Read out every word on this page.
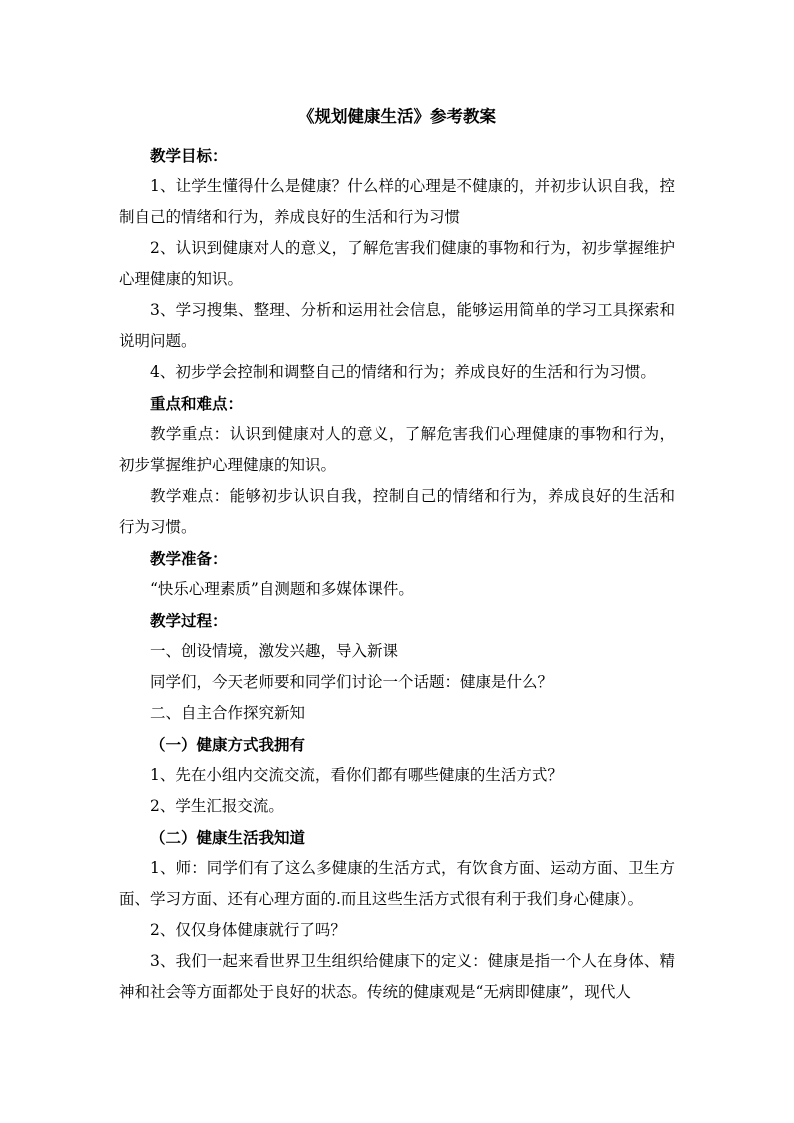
《规划健康生活》参考教案

教学目标：

1、让学生懂得什么是健康？什么样的心理是不健康的，并初步认识自我，控制自己的情绪和行为，养成良好的生活和行为习惯

2、认识到健康对人的意义，了解危害我们健康的事物和行为，初步掌握维护心理健康的知识。

3、学习搜集、整理、分析和运用社会信息，能够运用简单的学习工具探索和说明问题。

4、初步学会控制和调整自己的情绪和行为；养成良好的生活和行为习惯。

重点和难点：

教学重点：认识到健康对人的意义，了解危害我们心理健康的事物和行为，初步掌握维护心理健康的知识。

教学难点：能够初步认识自我，控制自己的情绪和行为，养成良好的生活和行为习惯。

教学准备：

“快乐心理素质”自测题和多媒体课件。

教学过程：

一、创设情境，激发兴趣，导入新课

同学们，今天老师要和同学们讨论一个话题：健康是什么？

二、自主合作探究新知

（一）健康方式我拥有

1、先在小组内交流交流，看你们都有哪些健康的生活方式？

2、学生汇报交流。

（二）健康生活我知道

1、师：同学们有了这么多健康的生活方式，有饮食方面、运动方面、卫生方面、学习方面、还有心理方面的.而且这些生活方式很有利于我们身心健康）。

2、仅仅身体健康就行了吗？

3、我们一起来看世界卫生组织给健康下的定义：健康是指一个人在身体、精神和社会等方面都处于良好的状态。传统的健康观是“无病即健康”，现代人
